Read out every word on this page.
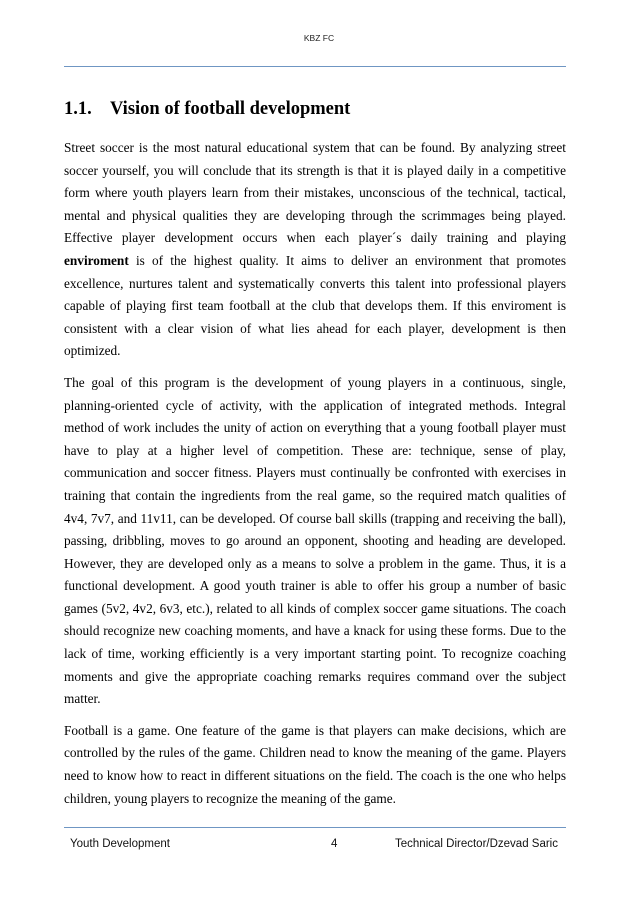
KBZ FC
1.1. Vision of football development

Street soccer is the most natural educational system that can be found. By analyzing street soccer yourself, you will conclude that its strength is that it is played daily in a competitive form where youth players learn from their mistakes, unconscious of the technical, tactical, mental and physical qualities they are developing through the scrimmages being played. Effective player development occurs when each player´s daily training and playing enviroment is of the highest quality. It aims to deliver an environment that promotes excellence, nurtures talent and systematically converts this talent into professional players capable of playing first team football at the club that develops them. If this enviroment is consistent with a clear vision of what lies ahead for each player, development is then optimized.

The goal of this program is the development of young players in a continuous, single, planning-oriented cycle of activity, with the application of integrated methods. Integral method of work includes the unity of action on everything that a young football player must have to play at a higher level of competition. These are: technique, sense of play, communication and soccer fitness. Players must continually be confronted with exercises in training that contain the ingredients from the real game, so the required match qualities of 4v4, 7v7, and 11v11, can be developed. Of course ball skills (trapping and receiving the ball), passing, dribbling, moves to go around an opponent, shooting and heading are developed. However, they are developed only as a means to solve a problem in the game. Thus, it is a functional development. A good youth trainer is able to offer his group a number of basic games (5v2, 4v2, 6v3, etc.), related to all kinds of complex soccer game situations. The coach should recognize new coaching moments, and have a knack for using these forms. Due to the lack of time, working efficiently is a very important starting point. To recognize coaching moments and give the appropriate coaching remarks requires command over the subject matter.

Football is a game. One feature of the game is that players can make decisions, which are controlled by the rules of the game. Children nead to know the meaning of the game. Players need to know how to react in different situations on the field. The coach is the one who helps children, young players to recognize the meaning of the game.

Youth Development	4	Technical Director/Dzevad Saric
